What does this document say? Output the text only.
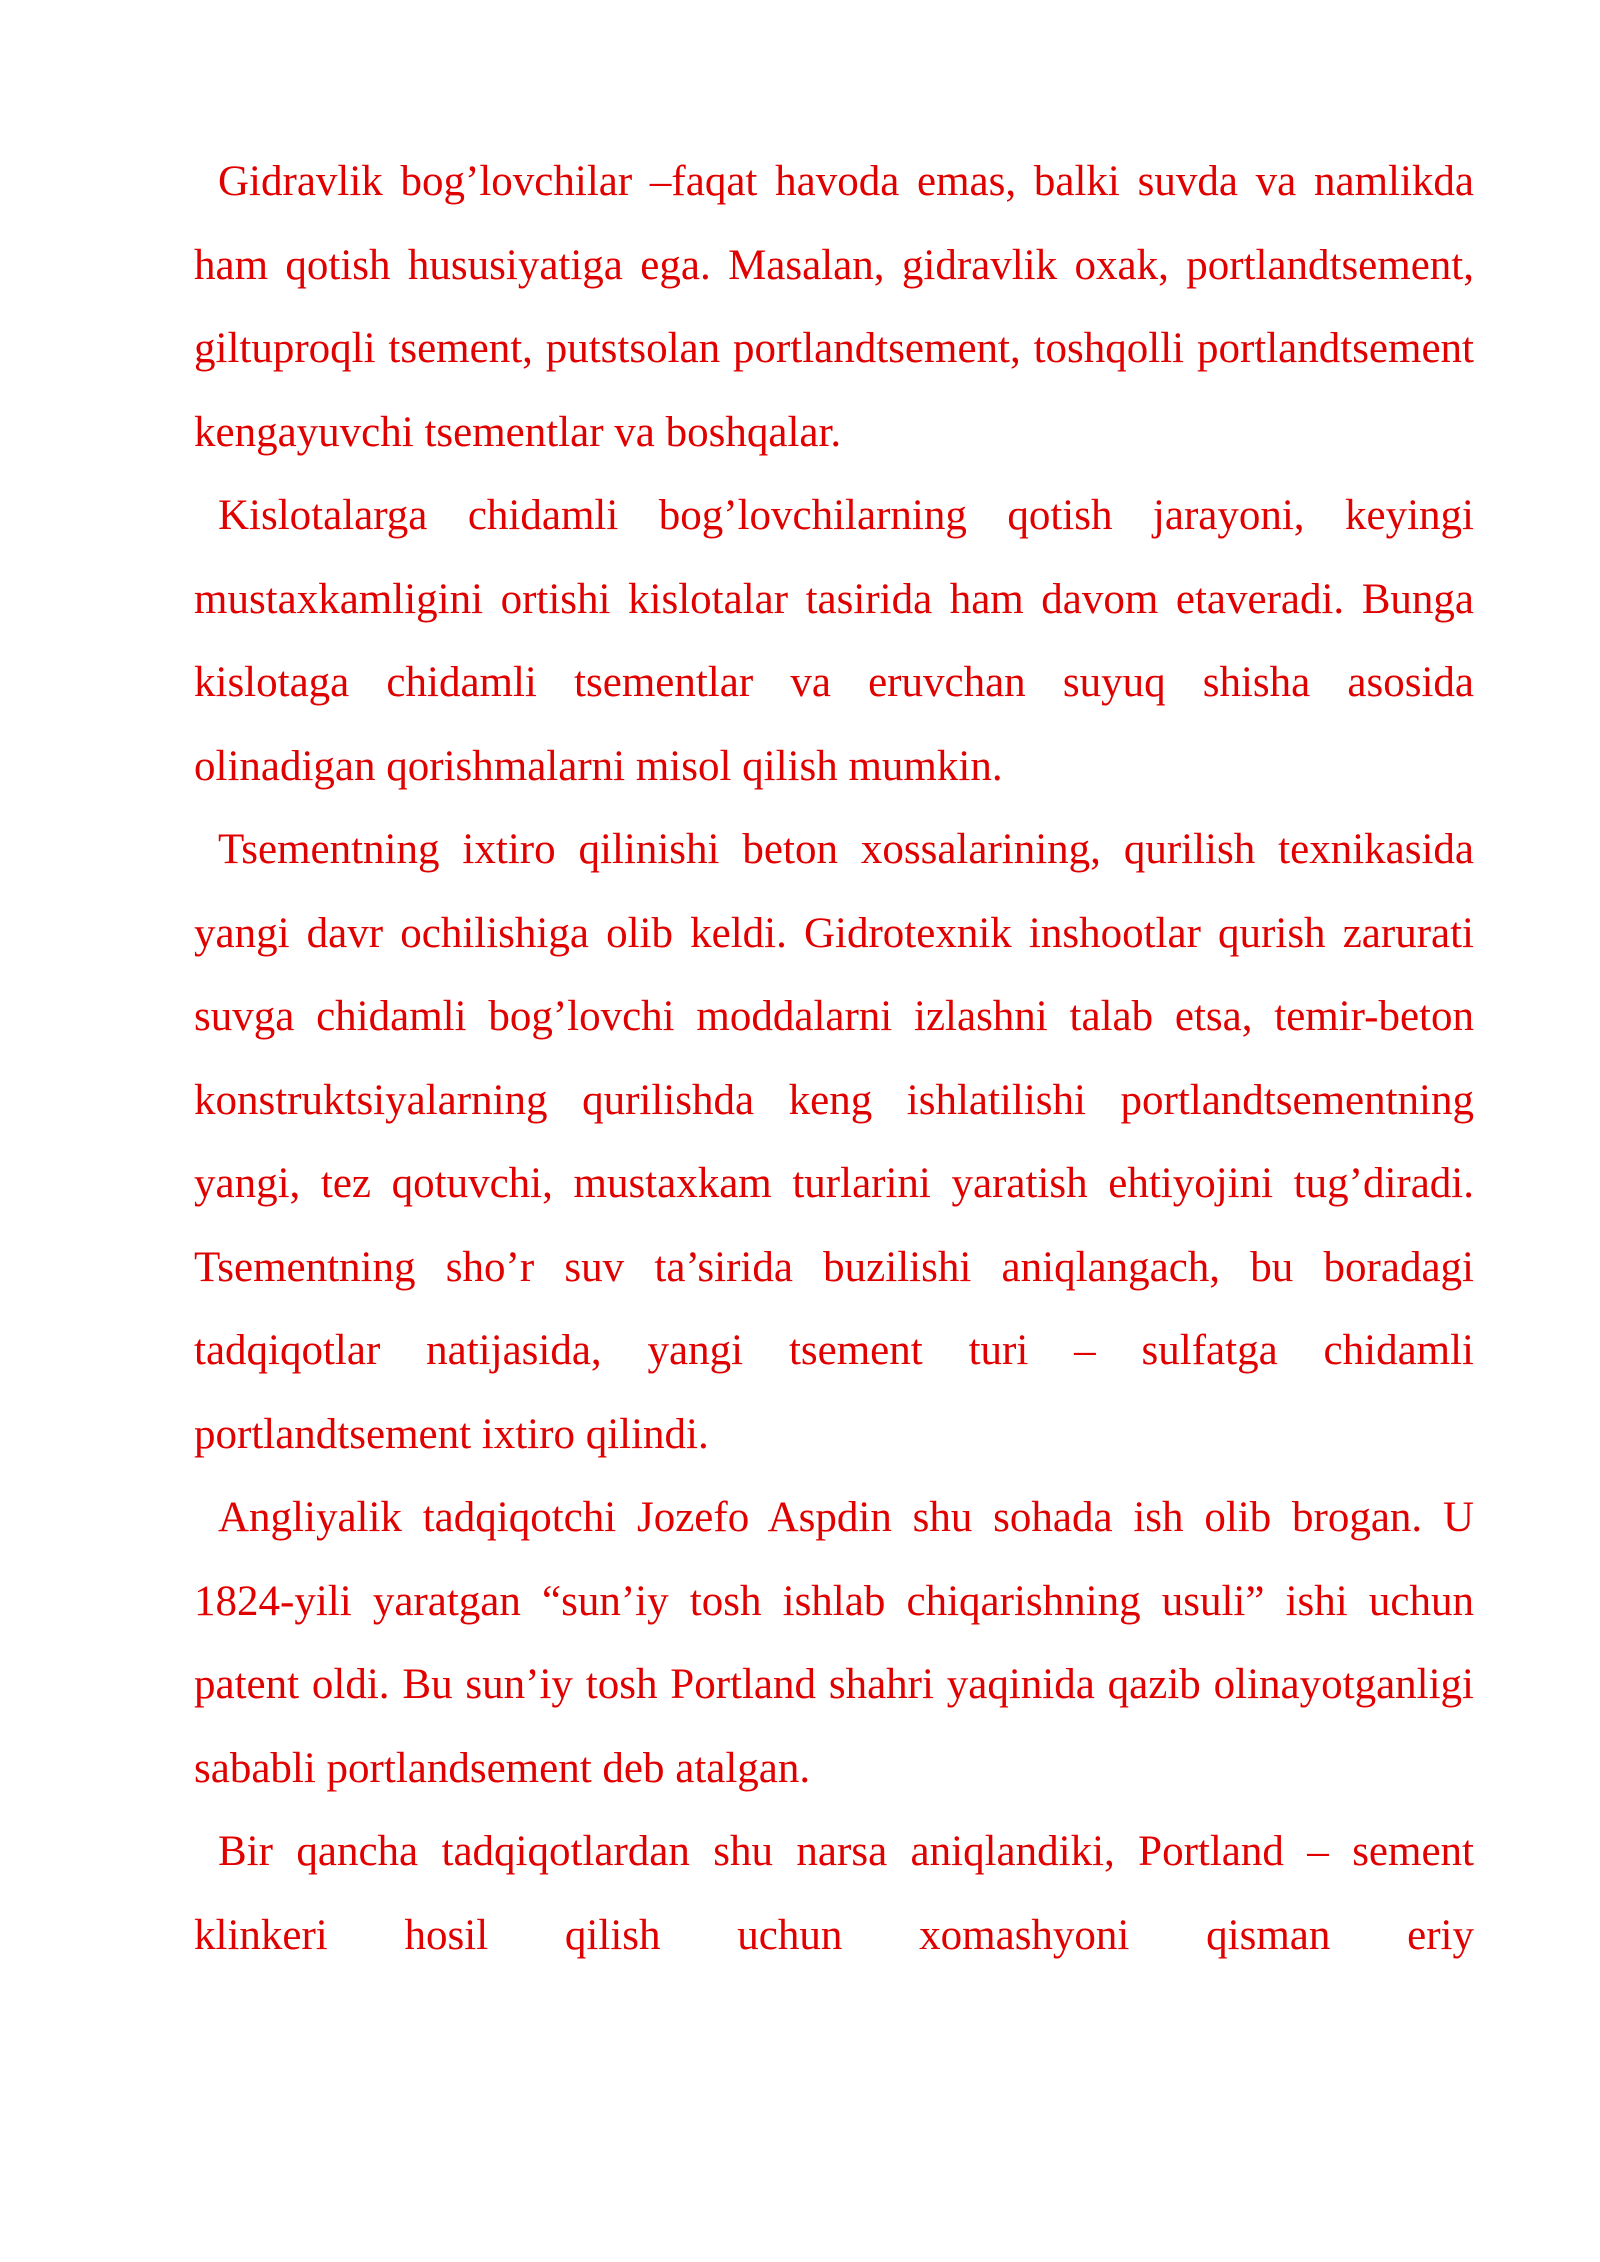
Gidravlik bog’lovchilar –faqat havoda emas, balki suvda va namlikda ham qotish hususiyatiga ega. Masalan, gidravlik oxak, portlandtsement, giltuproqli tsement, putstsolan portlandtsement, toshqolli portlandtsement kengayuvchi tsementlar va boshqalar.

Kislotalarga chidamli bog’lovchilarning qotish jarayoni, keyingi mustaxkamligini ortishi kislotalar tasirida ham davom etaveradi. Bunga kislotaga chidamli tsementlar va eruvchan suyuq shisha asosida olinadigan qorishmalarni misol qilish mumkin.

Tsementning ixtiro qilinishi beton xossalarining, qurilish texnikasida yangi davr ochilishiga olib keldi. Gidrotexnik inshootlar qurish zarurati suvga chidamli bog’lovchi moddalarni izlashni talab etsa, temir-beton konstruktsiyalarning qurilishda keng ishlatilishi portlandtsementning yangi, tez qotuvchi, mustaxkam turlarini yaratish ehtiyojini tug’diradi. Tsementning sho’r suv ta’sirida buzilishi aniqlangach, bu boradagi tadqiqotlar natijasida, yangi tsement turi – sulfatga chidamli portlandtsement ixtiro qilindi.

Angliyalik tadqiqotchi Jozefo Aspdin shu sohada ish olib brogan. U 1824-yili yaratgan “sun’iy tosh ishlab chiqarishning usuli” ishi uchun patent oldi. Bu sun’iy tosh Portland shahri yaqinida qazib olinayotganligi sababli portlandsement deb atalgan.

Bir qancha tadqiqotlardan shu narsa aniqlandiki, Portland – sement klinkeri hosil qilish uchun xomashyoni qisman eriy
